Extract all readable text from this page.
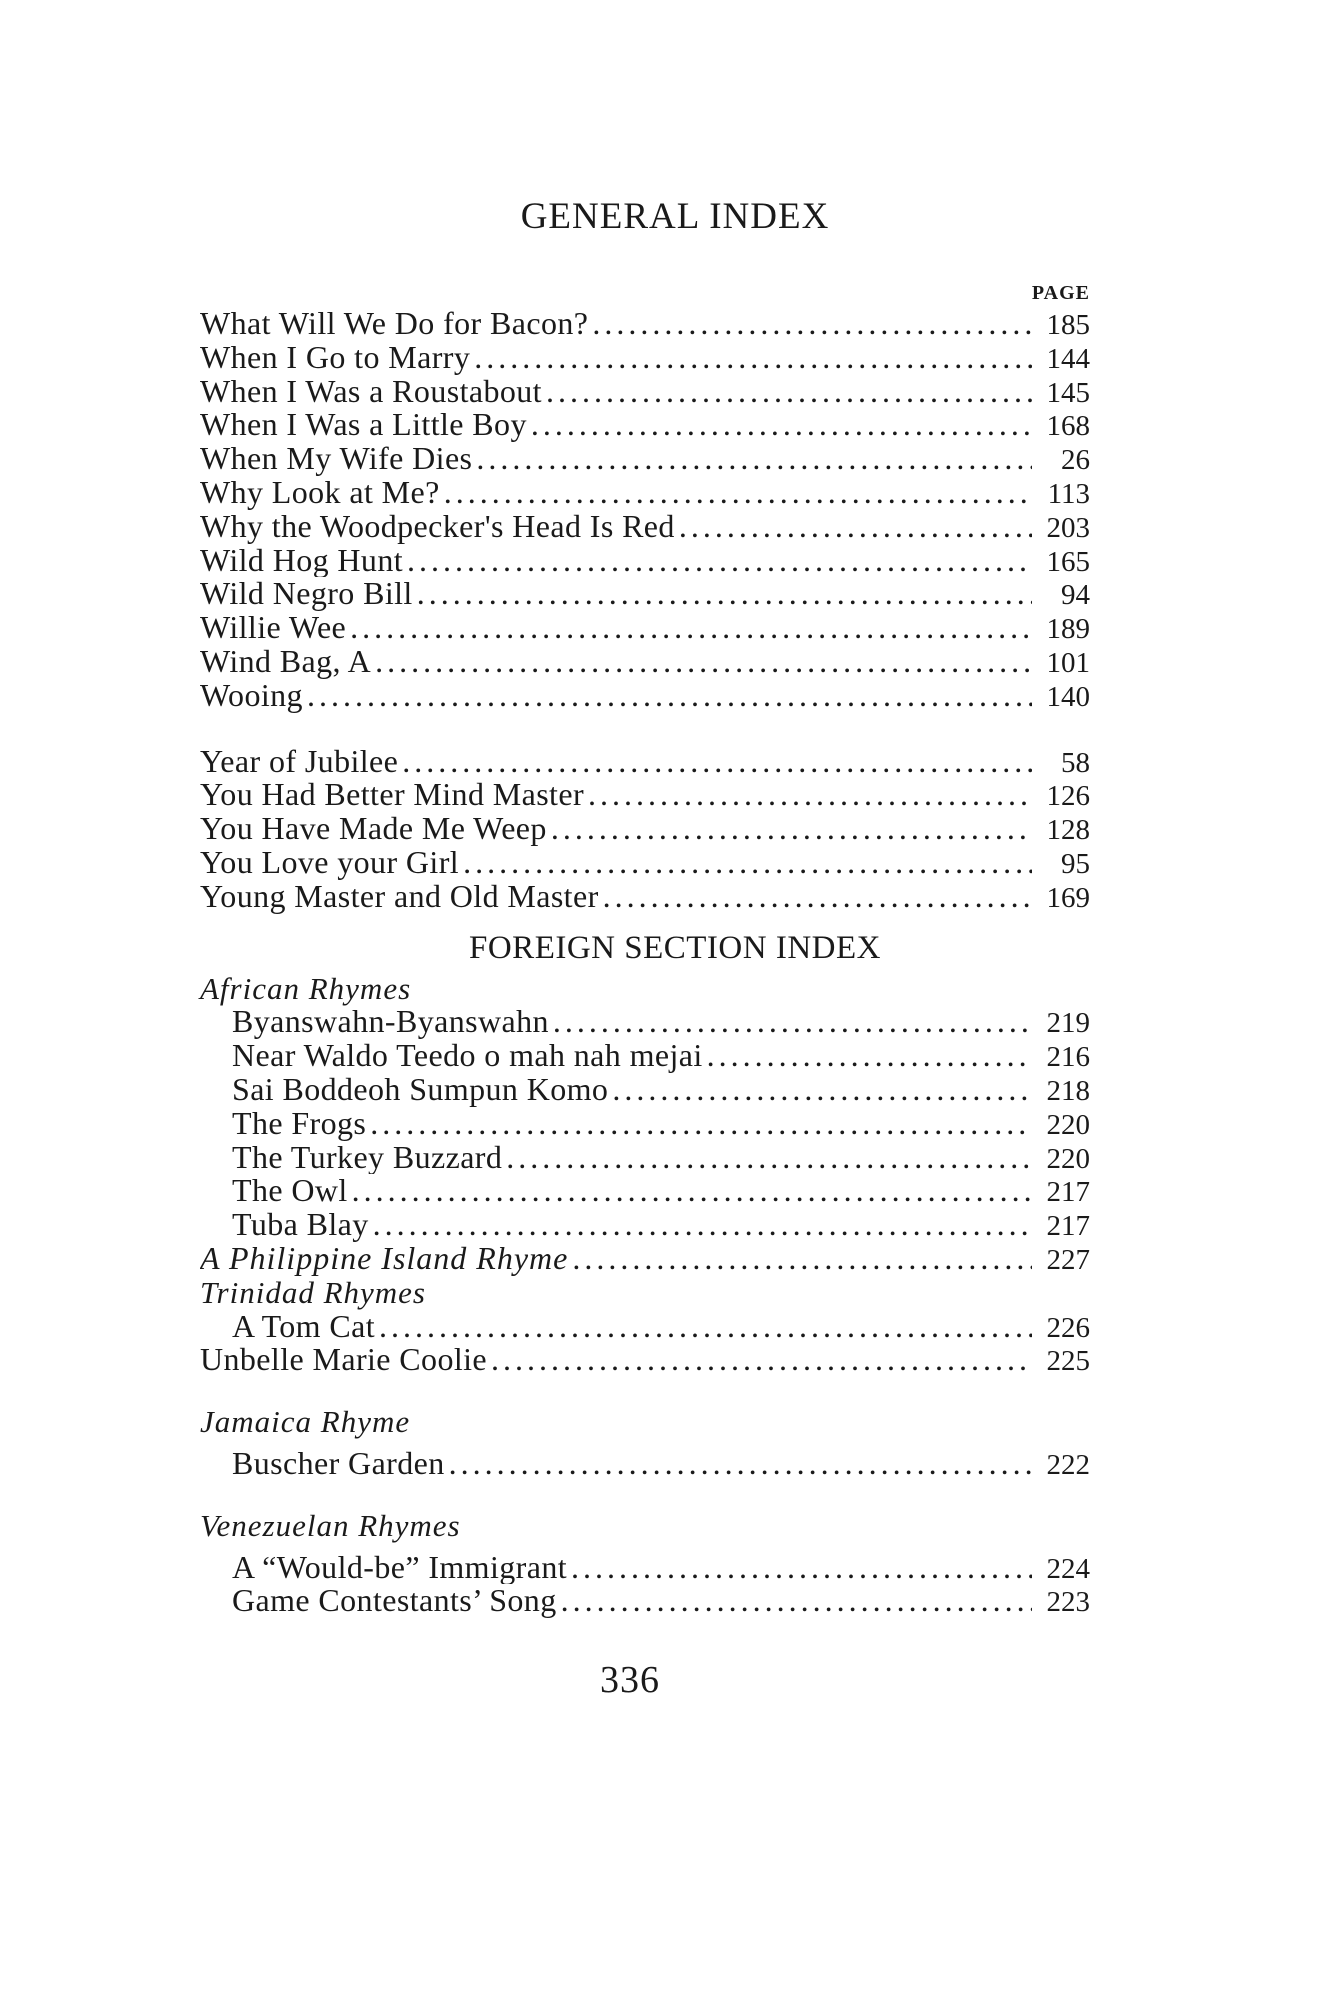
GENERAL INDEX
PAGE
What Will We Do for Bacon? . . .	185
When I Go to Marry . . .	144
When I Was a Roustabout . . .	145
When I Was a Little Boy . . .	168
When My Wife Dies . . .	26
Why Look at Me? . . .	113
Why the Woodpecker's Head Is Red . . .	203
Wild Hog Hunt . . .	165
Wild Negro Bill . . .	94
Willie Wee . . .	189
Wind Bag, A . . .	101
Wooing . . .	140
Year of Jubilee . . .	58
You Had Better Mind Master . . .	126
You Have Made Me Weep . . .	128
You Love your Girl . . .	95
Young Master and Old Master . . .	169
FOREIGN SECTION INDEX
African Rhymes
Byanswahn-Byanswahn . . .	219
Near Waldo Teedo o mah nah mejai . . .	216
Sai Boddeoh Sumpun Komo . . .	218
The Frogs . . .	220
The Turkey Buzzard . . .	220
The Owl . . .	217
Tuba Blay . . .	217
A Philippine Island Rhyme . . .	227
Trinidad Rhymes
A Tom Cat . . .	226
Unbelle Marie Coolie . . .	225
Jamaica Rhyme
Buscher Garden . . .	222
Venezuelan Rhymes
A “Would-be” Immigrant . . .	224
Game Contestants’ Song . . .	223
336
